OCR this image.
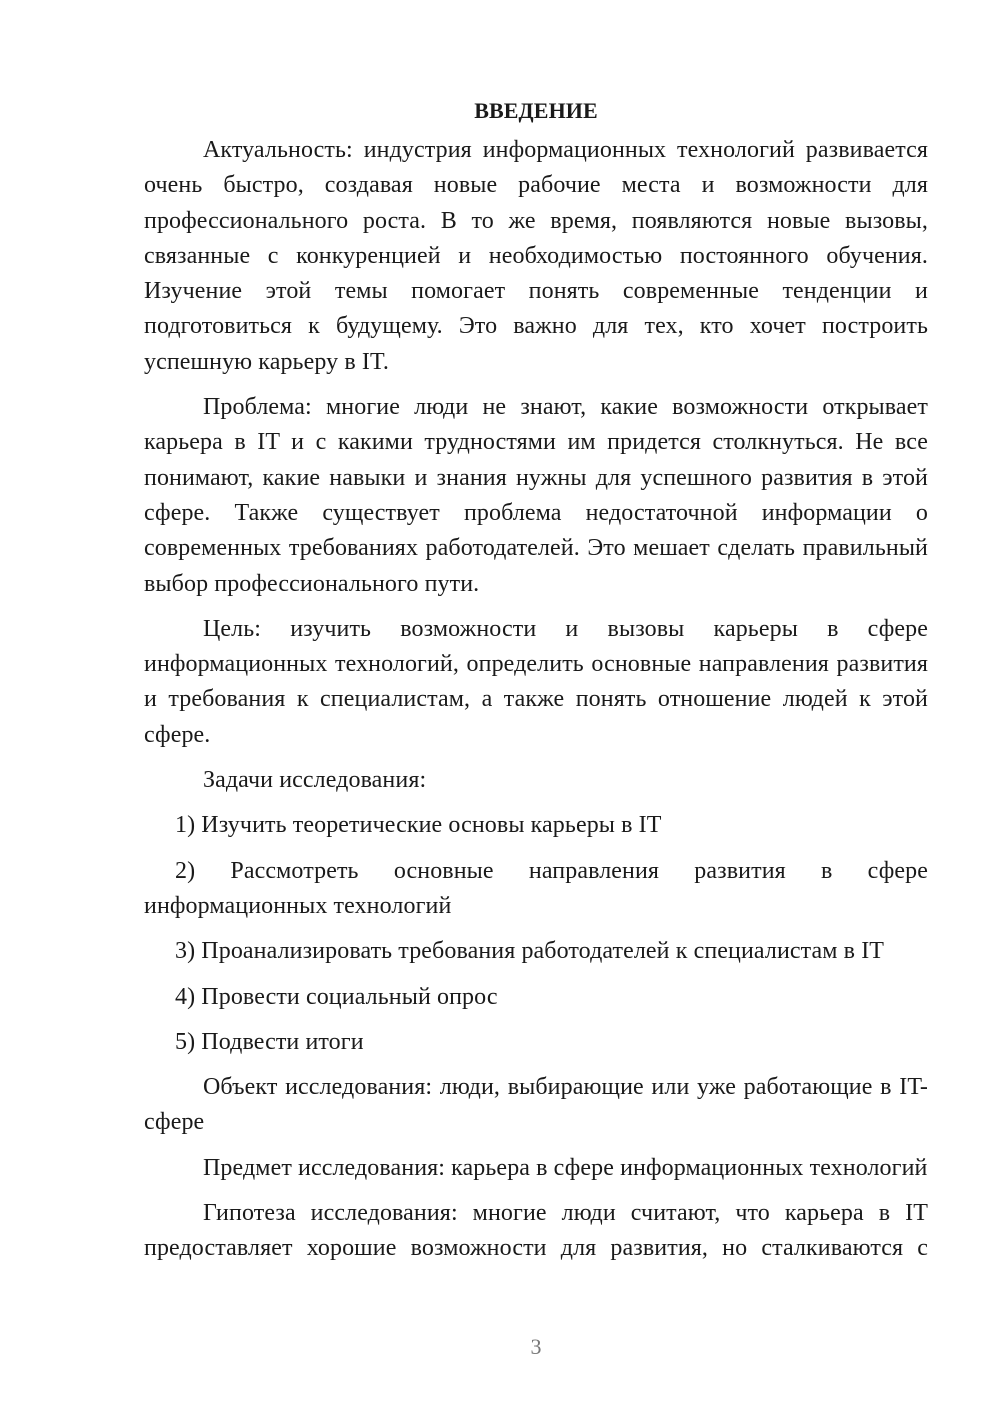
ВВЕДЕНИЕ

Актуальность: индустрия информационных технологий развивается очень быстро, создавая новые рабочие места и возможности для профессионального роста. В то же время, появляются новые вызовы, связанные с конкуренцией и необходимостью постоянного обучения. Изучение этой темы помогает понять современные тенденции и подготовиться к будущему. Это важно для тех, кто хочет построить успешную карьеру в IT.

Проблема: многие люди не знают, какие возможности открывает карьера в IT и с какими трудностями им придется столкнуться. Не все понимают, какие навыки и знания нужны для успешного развития в этой сфере. Также существует проблема недостаточной информации о современных требованиях работодателей. Это мешает сделать правильный выбор профессионального пути.

Цель: изучить возможности и вызовы карьеры в сфере информационных технологий, определить основные направления развития и требования к специалистам, а также понять отношение людей к этой сфере.

Задачи исследования:

1) Изучить теоретические основы карьеры в IT

2) Рассмотреть основные направления развития в сфере информационных технологий

3) Проанализировать требования работодателей к специалистам в IT

4) Провести социальный опрос

5) Подвести итоги

Объект исследования: люди, выбирающие или уже работающие в IT-сфере

Предмет исследования: карьера в сфере информационных технологий

Гипотеза исследования: многие люди считают, что карьера в IT предоставляет хорошие возможности для развития, но сталкиваются с

3
